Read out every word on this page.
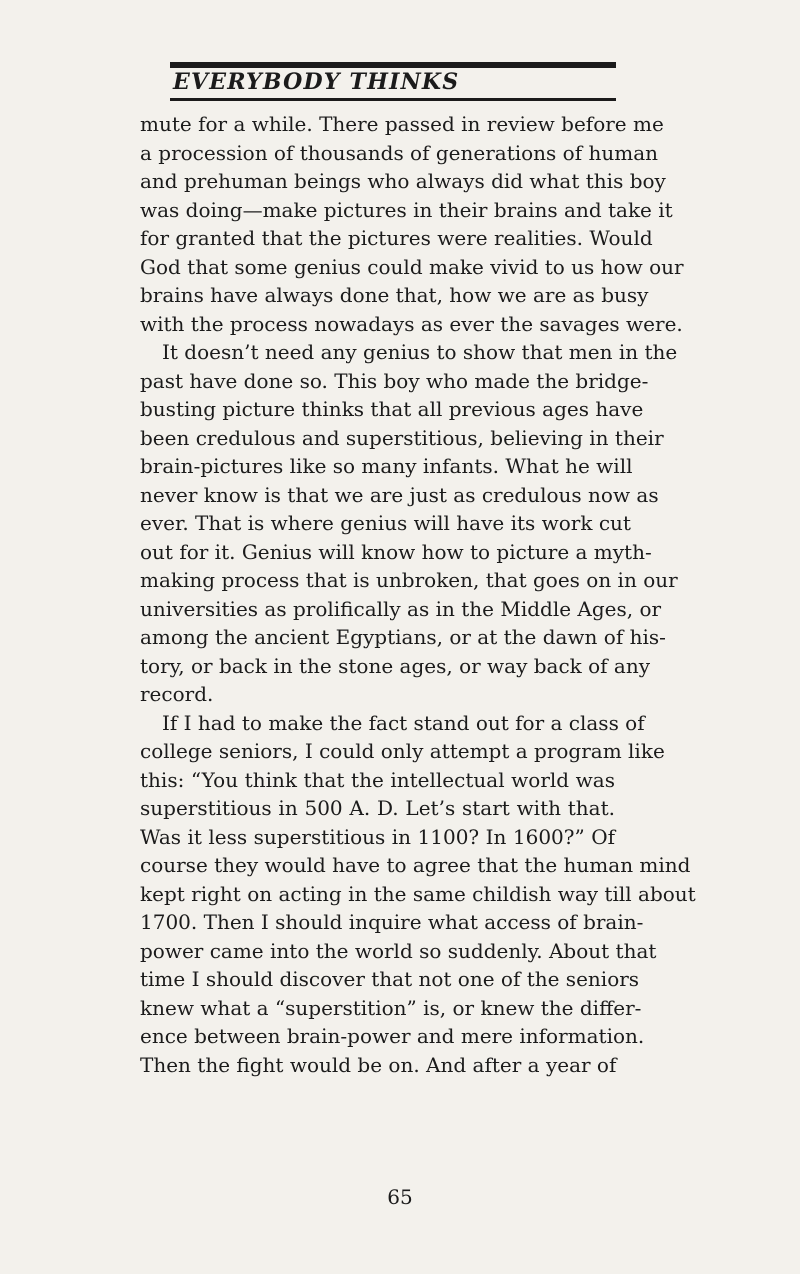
EVERYBODY THINKS
mute for a while. There passed in review before me
a procession of thousands of generations of human
and prehuman beings who always did what this boy
was doing—make pictures in their brains and take it
for granted that the pictures were realities. Would
God that some genius could make vivid to us how our
brains have always done that, how we are as busy
with the process nowadays as ever the savages were.
It doesn’t need any genius to show that men in the
past have done so. This boy who made the bridge-
busting picture thinks that all previous ages have
been credulous and superstitious, believing in their
brain-pictures like so many infants. What he will
never know is that we are just as credulous now as
ever. That is where genius will have its work cut
out for it. Genius will know how to picture a myth-
making process that is unbroken, that goes on in our
universities as prolifically as in the Middle Ages, or
among the ancient Egyptians, or at the dawn of his-
tory, or back in the stone ages, or way back of any
record.
If I had to make the fact stand out for a class of
college seniors, I could only attempt a program like
this: “You think that the intellectual world was
superstitious in 500 A. D. Let’s start with that.
Was it less superstitious in 1100? In 1600?” Of
course they would have to agree that the human mind
kept right on acting in the same childish way till about
1700. Then I should inquire what access of brain-
power came into the world so suddenly. About that
time I should discover that not one of the seniors
knew what a “superstition” is, or knew the differ-
ence between brain-power and mere information.
Then the fight would be on. And after a year of
65
